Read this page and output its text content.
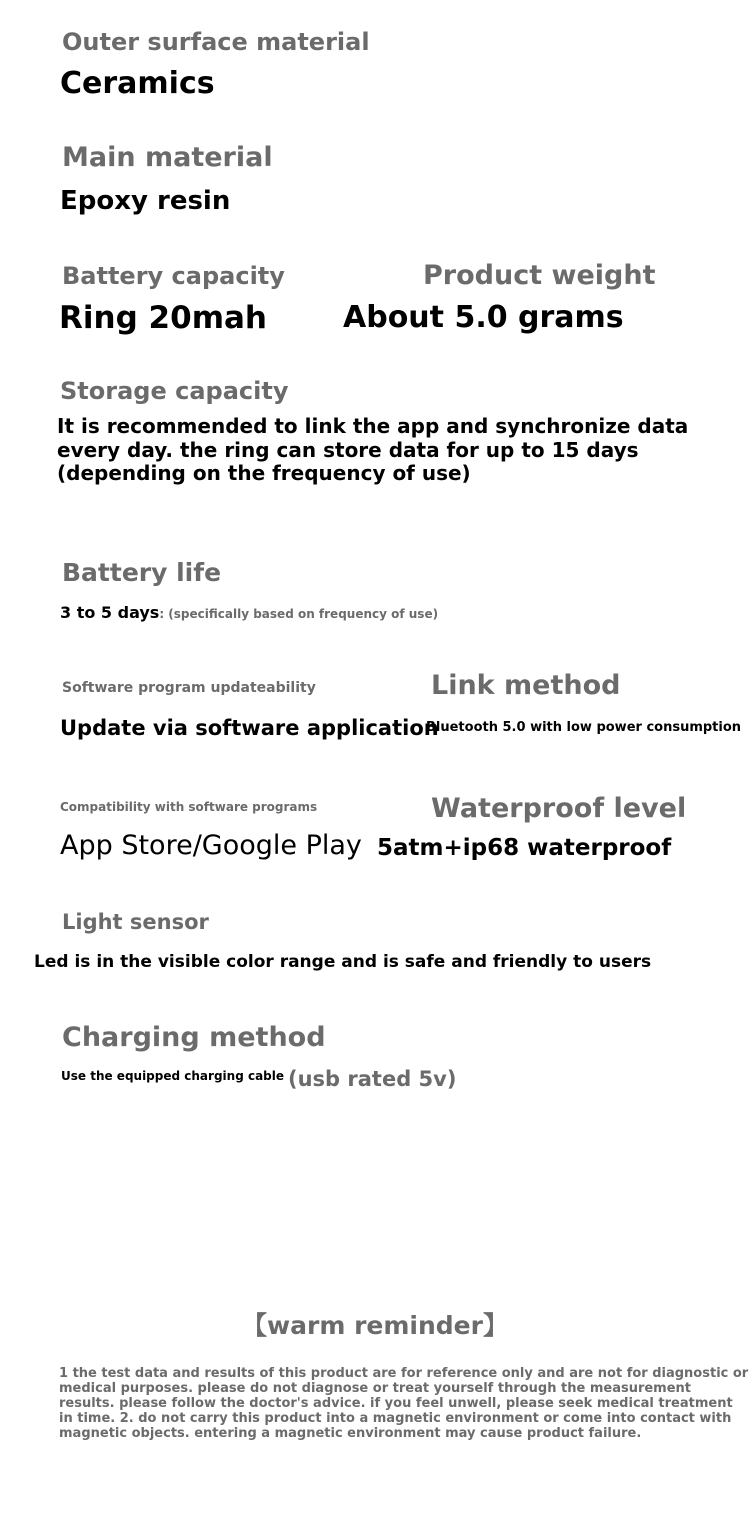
Outer surface material
Ceramics
Main material
Epoxy resin
Battery capacity	Product weight
Ring 20mah	About 5.0 grams
Storage capacity
It is recommended to link the app and synchronize data
every day. the ring can store data for up to 15 days
(depending on the frequency of use)
Battery life
3 to 5 days: (specifically based on frequency of use)
Software program updateability	Link method
Update via software application
Bluetooth 5.0 with low power consumption
Compatibility with software programs	Waterproof level
App Store/Google Play 5atm+ip68 waterproof
Light sensor
Led is in the visible color range and is safe and friendly to users
Charging method
Use the equipped charging cable (usb rated 5v)
【warm reminder】
1 the test data and results of this product are for reference only and are not for diagnostic or
medical purposes. please do not diagnose or treat yourself through the measurement
results. please follow the doctor's advice. if you feel unwell, please seek medical treatment
in time. 2. do not carry this product into a magnetic environment or come into contact with
magnetic objects. entering a magnetic environment may cause product failure.
